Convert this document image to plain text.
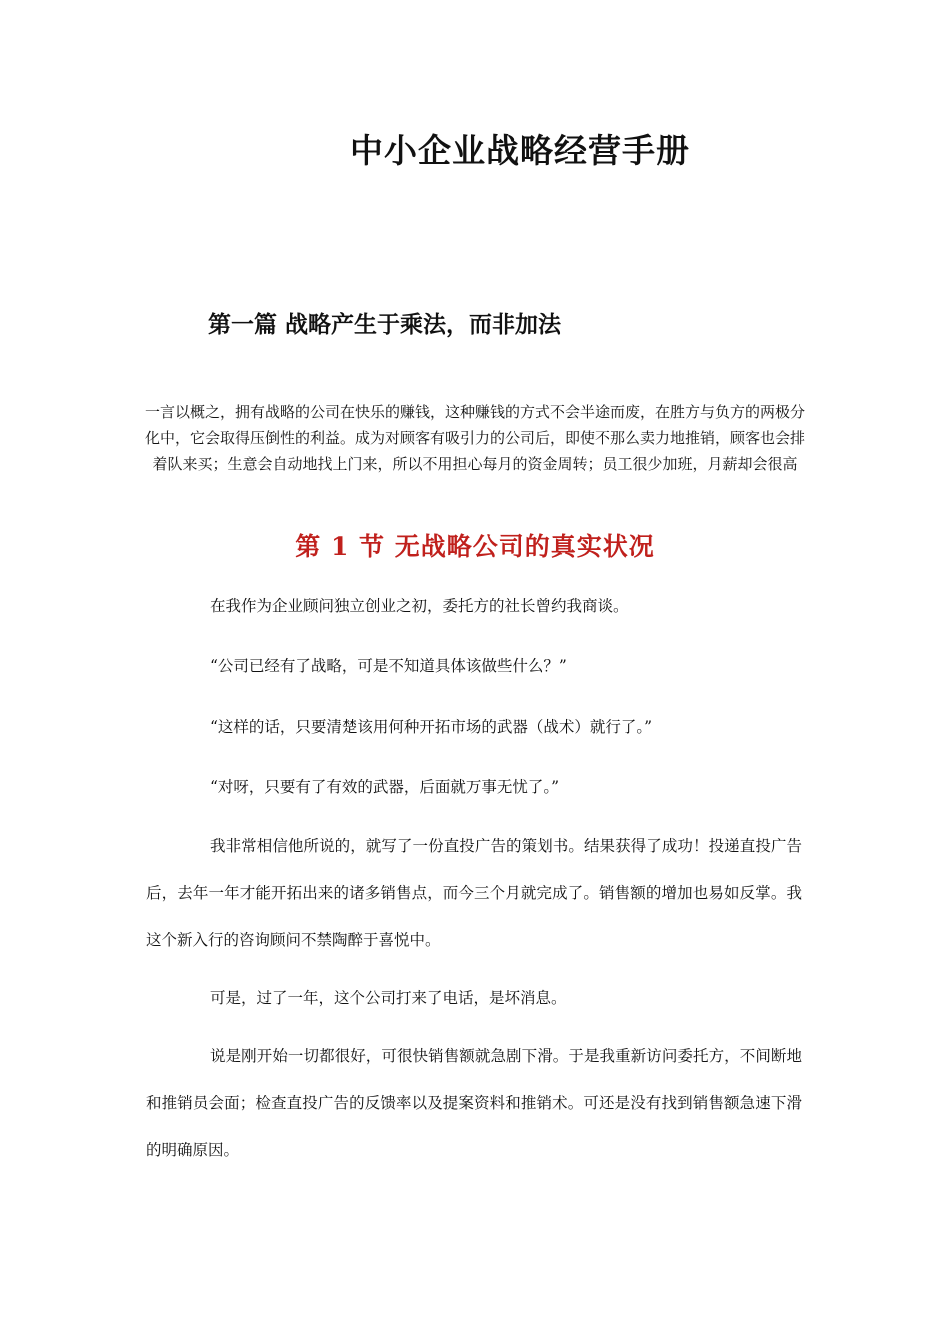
中小企业战略经营手册
第一篇 战略产生于乘法，而非加法

一言以概之，拥有战略的公司在快乐的赚钱，这种赚钱的方式不会半途而废，在胜方与负方的两极分化中，它会取得压倒性的利益。成为对顾客有吸引力的公司后，即使不那么卖力地推销，顾客也会排着队来买；生意会自动地找上门来，所以不用担心每月的资金周转；员工很少加班，月薪却会很高

第 1 节 无战略公司的真实状况

在我作为企业顾问独立创业之初，委托方的社长曾约我商谈。

“公司已经有了战略，可是不知道具体该做些什么？”

“这样的话，只要清楚该用何种开拓市场的武器（战术）就行了。”

“对呀，只要有了有效的武器，后面就万事无忧了。”

我非常相信他所说的，就写了一份直投广告的策划书。结果获得了成功！投递直投广告后，去年一年才能开拓出来的诸多销售点，而今三个月就完成了。销售额的增加也易如反掌。我这个新入行的咨询顾问不禁陶醉于喜悦中。

可是，过了一年，这个公司打来了电话，是坏消息。

说是刚开始一切都很好，可很快销售额就急剧下滑。于是我重新访问委托方，不间断地和推销员会面；检查直投广告的反馈率以及提案资料和推销术。可还是没有找到销售额急速下滑的明确原因。
